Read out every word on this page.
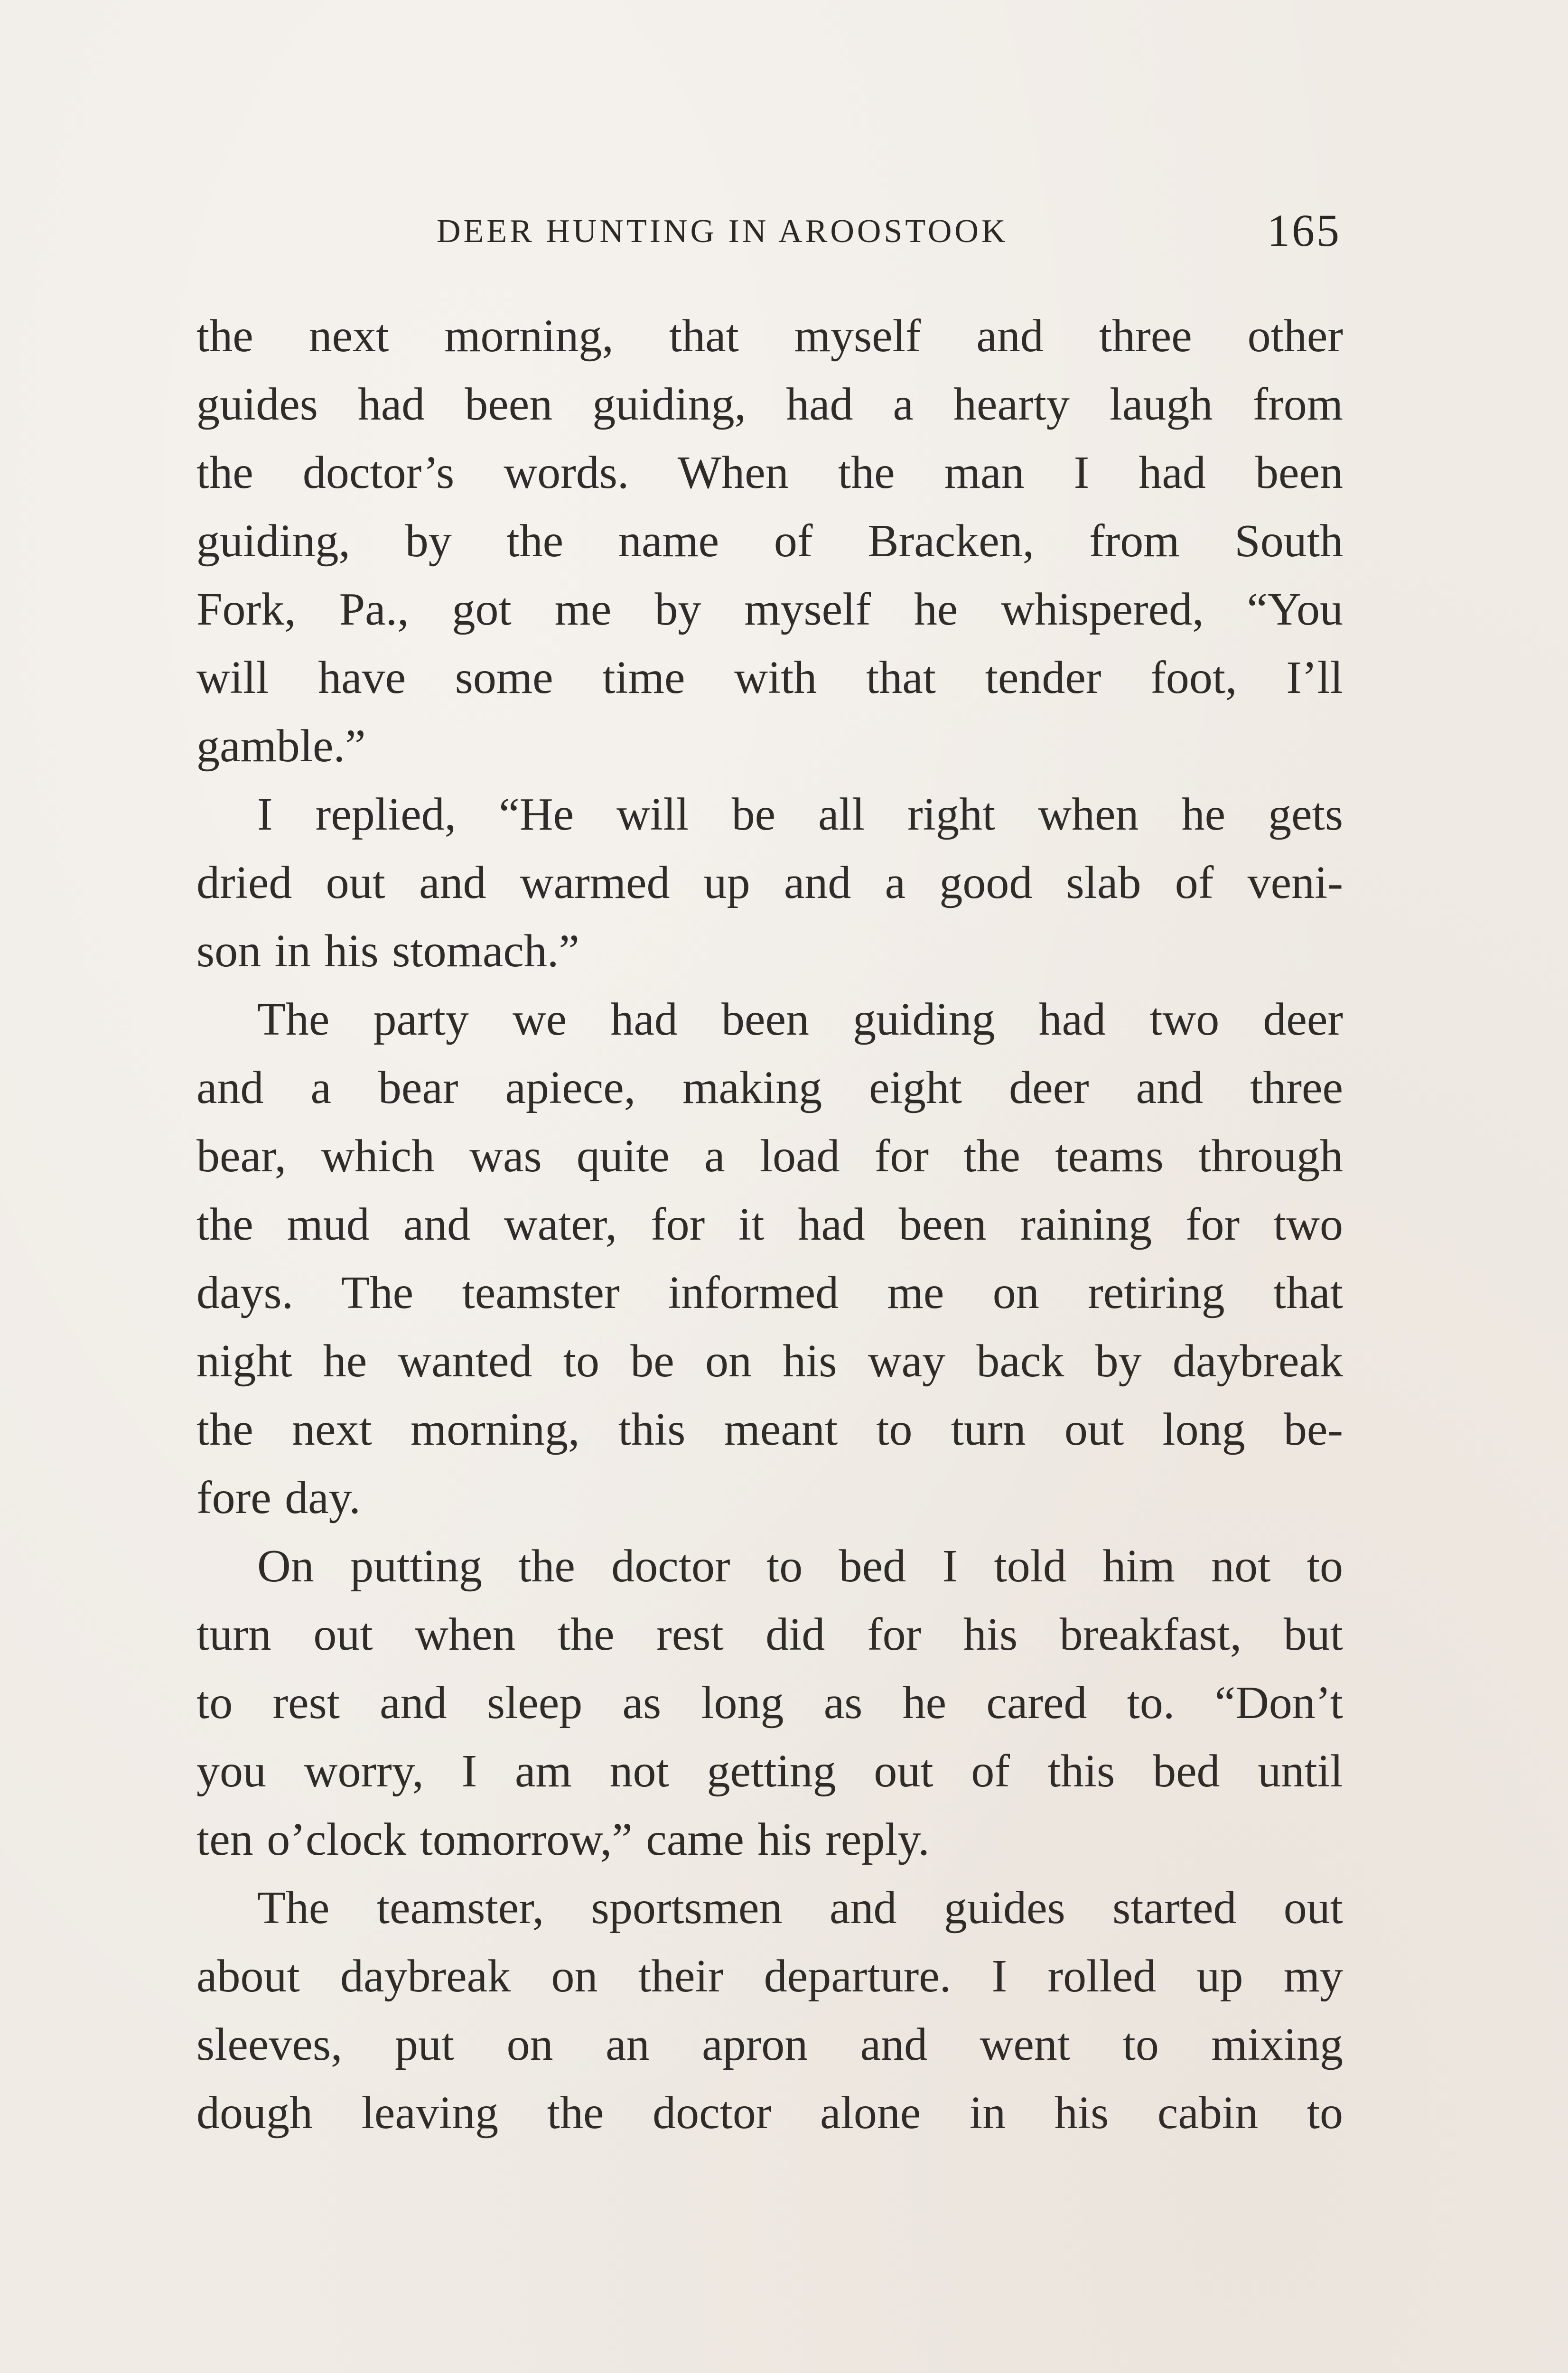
DEER HUNTING IN AROOSTOOK	165
the next morning, that myself and three other
guides had been guiding, had a hearty laugh from
the doctor’s words. When the man I had been
guiding, by the name of Bracken, from South
Fork, Pa., got me by myself he whispered, “You
will have some time with that tender foot, I’ll
gamble.”
I replied, “He will be all right when he gets
dried out and warmed up and a good slab of veni-
son in his stomach.”
The party we had been guiding had two deer
and a bear apiece, making eight deer and three
bear, which was quite a load for the teams through
the mud and water, for it had been raining for two
days. The teamster informed me on retiring that
night he wanted to be on his way back by daybreak
the next morning, this meant to turn out long be-
fore day.
On putting the doctor to bed I told him not to
turn out when the rest did for his breakfast, but
to rest and sleep as long as he cared to. “Don’t
you worry, I am not getting out of this bed until
ten o’clock tomorrow,” came his reply.
The teamster, sportsmen and guides started out
about daybreak on their departure. I rolled up my
sleeves, put on an apron and went to mixing
dough leaving the doctor alone in his cabin to
